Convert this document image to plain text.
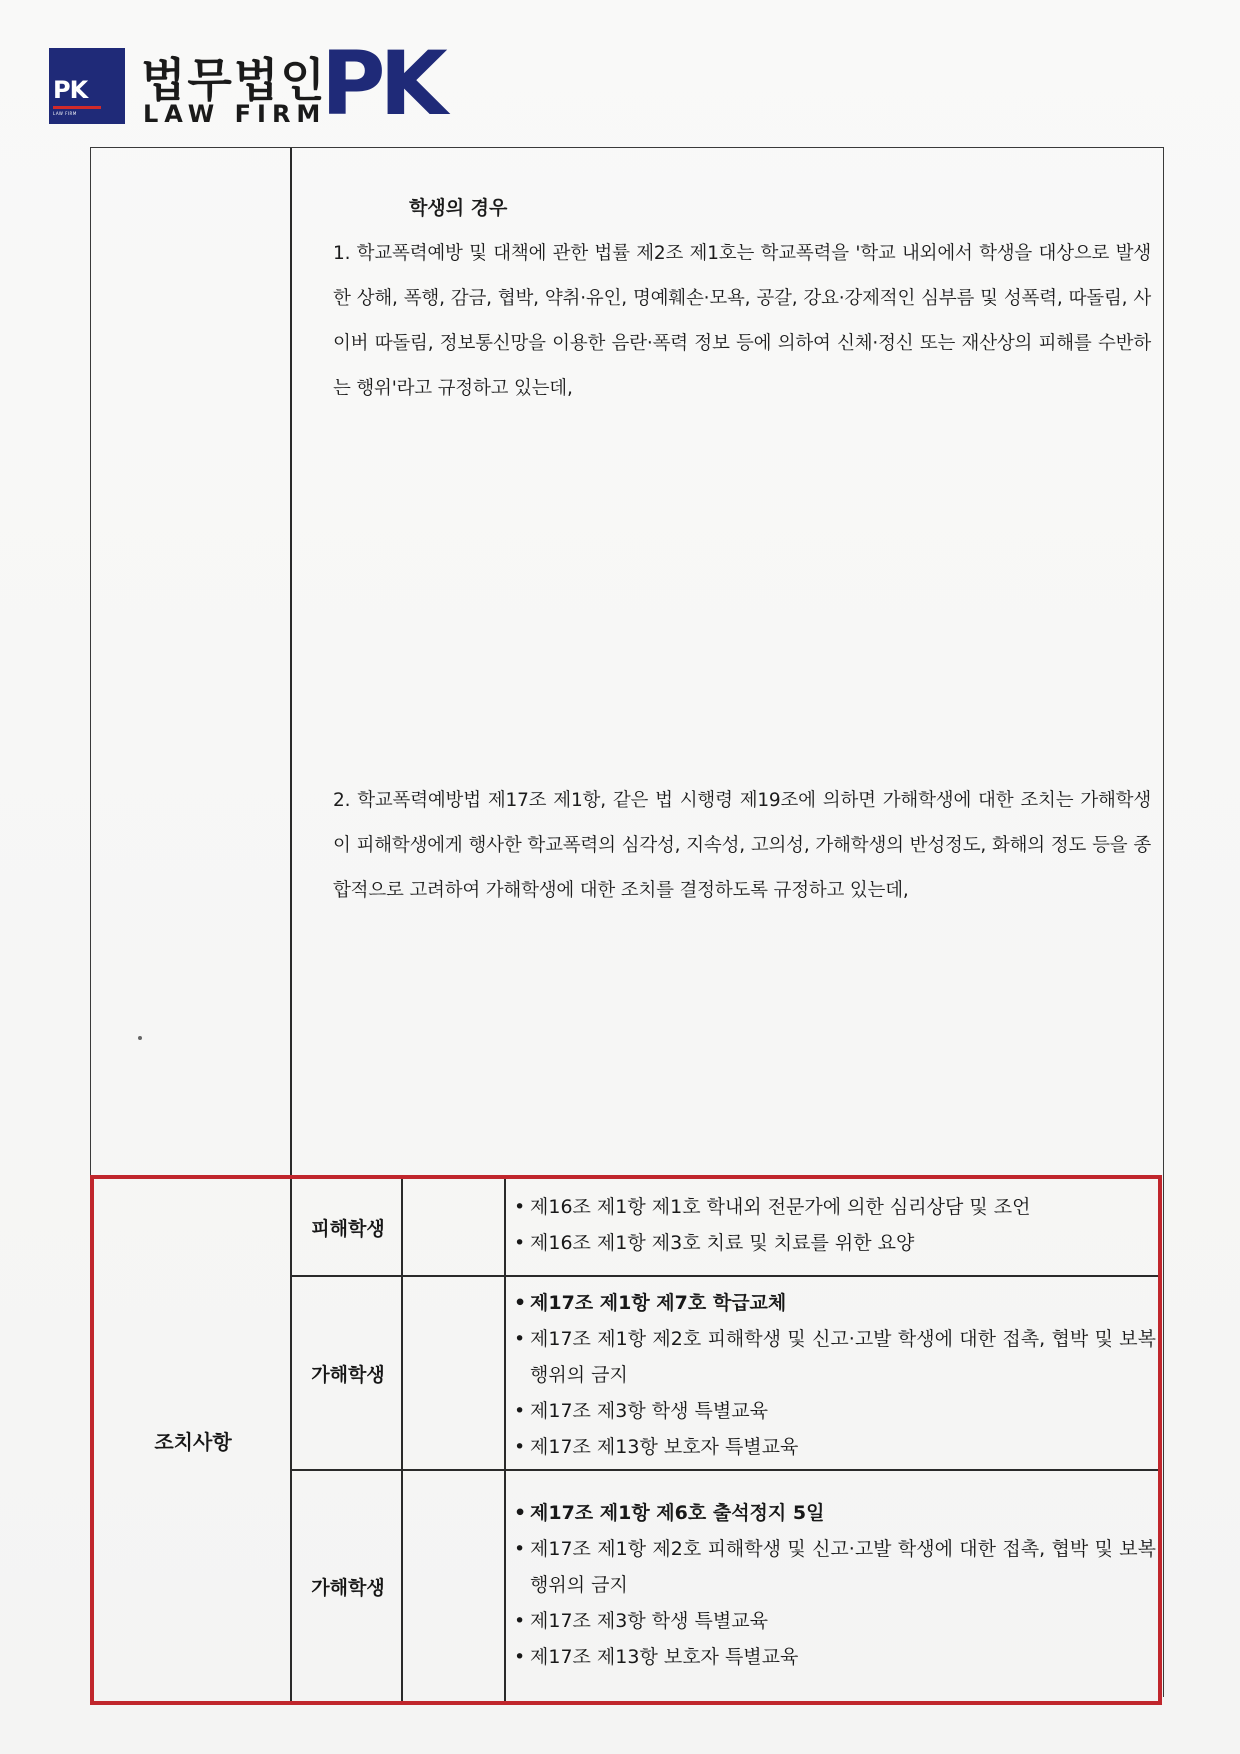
PK
LAW FIRM
법무법인
LAW FIRM
PK
학생의 경우
1. 학교폭력예방 및 대책에 관한 법률 제2조 제1호는 학교폭력을 '학교 내외에서 학생을 대상으로 발생한 상해, 폭행, 감금, 협박, 약취·유인, 명예훼손·모욕, 공갈, 강요·강제적인 심부름 및 성폭력, 따돌림, 사이버 따돌림, 정보통신망을 이용한 음란·폭력 정보 등에 의하여 신체·정신 또는 재산상의 피해를 수반하는 행위'라고 규정하고 있는데,
2. 학교폭력예방법 제17조 제1항, 같은 법 시행령 제19조에 의하면 가해학생에 대한 조치는 가해학생이 피해학생에게 행사한 학교폭력의 심각성, 지속성, 고의성, 가해학생의 반성정도, 화해의 정도 등을 종합적으로 고려하여 가해학생에 대한 조치를 결정하도록 규정하고 있는데,
조치사항
피해학생
• 제16조 제1항 제1호 학내외 전문가에 의한 심리상담 및 조언
• 제16조 제1항 제3호 치료 및 치료를 위한 요양
가해학생
• 제17조 제1항 제7호 학급교체
• 제17조 제1항 제2호 피해학생 및 신고·고발 학생에 대한 접촉, 협박 및 보복행위의 금지
• 제17조 제3항 학생 특별교육
• 제17조 제13항 보호자 특별교육
가해학생
• 제17조 제1항 제6호 출석정지 5일
• 제17조 제1항 제2호 피해학생 및 신고·고발 학생에 대한 접촉, 협박 및 보복행위의 금지
• 제17조 제3항 학생 특별교육
• 제17조 제13항 보호자 특별교육
